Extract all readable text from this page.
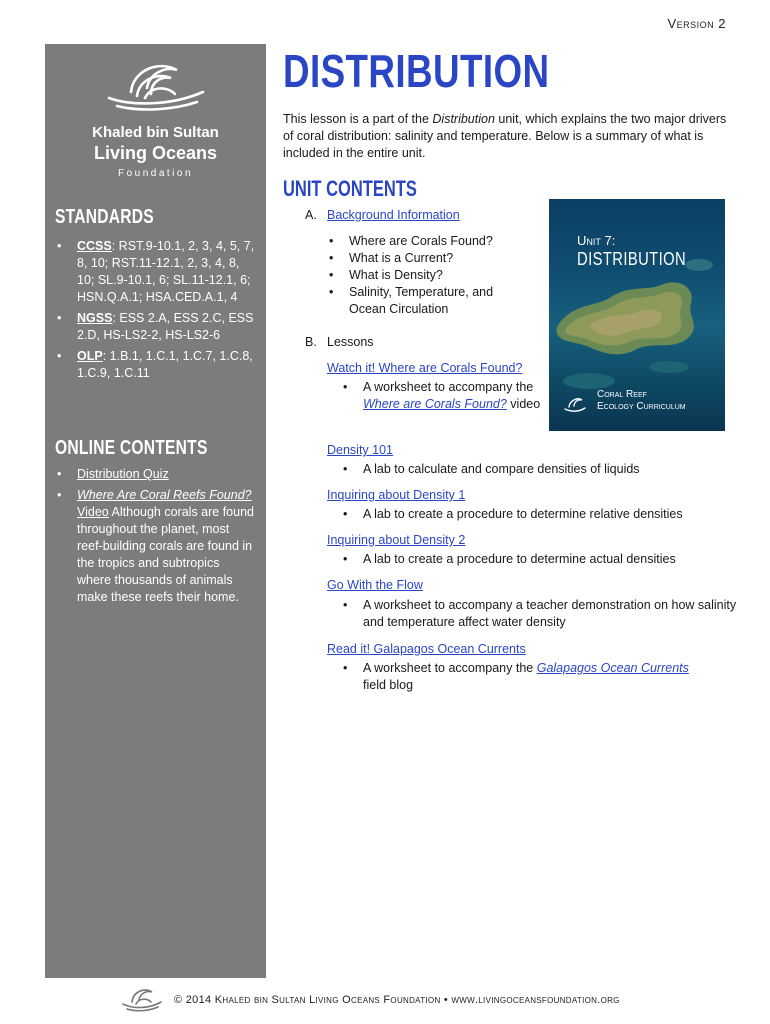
Version 2
Khaled bin Sultan
Living Oceans
Foundation
STANDARDS
• CCSS: RST.9-10.1, 2, 3, 4, 5, 7, 8, 10; RST.11-12.1, 2, 3, 4, 8, 10; SL.9-10.1, 6; SL.11-12.1, 6; HSN.Q.A.1; HSA.CED.A.1, 4
• NGSS: ESS 2.A, ESS 2.C, ESS 2.D, HS-LS2-2, HS-LS2-6
• OLP: 1.B.1, 1.C.1, 1.C.7, 1.C.8, 1.C.9, 1.C.11
ONLINE CONTENTS
• Distribution Quiz
• Where Are Coral Reefs Found? Video Although corals are found throughout the planet, most reef-building corals are found in the tropics and subtropics where thousands of animals make these reefs their home.
DISTRIBUTION
This lesson is a part of the Distribution unit, which explains the two major drivers of coral distribution: salinity and temperature. Below is a summary of what is included in the entire unit.
UNIT CONTENTS
A. Background Information
• Where are Corals Found?
• What is a Current?
• What is Density?
• Salinity, Temperature, and Ocean Circulation
B. Lessons
Watch it! Where are Corals Found?
• A worksheet to accompany the Where are Corals Found? video
Density 101
• A lab to calculate and compare densities of liquids
Inquiring about Density 1
• A lab to create a procedure to determine relative densities
Inquiring about Density 2
• A lab to create a procedure to determine actual densities
Go With the Flow
• A worksheet to accompany a teacher demonstration on how salinity and temperature affect water density
Read it! Galapagos Ocean Currents
• A worksheet to accompany the Galapagos Ocean Currents
field blog
Unit 7:
DISTRIBUTION
Coral Reef
Ecology Curriculum
© 2014 Khaled bin Sultan Living Oceans Foundation • www.livingoceansfoundation.org
